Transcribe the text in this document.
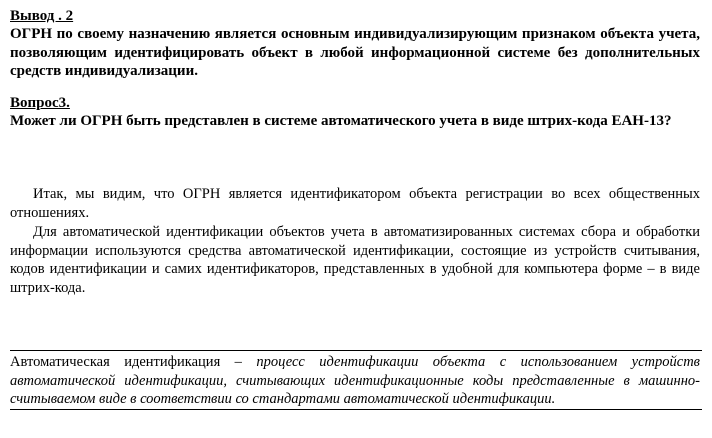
Вывод . 2

ОГРН по своему назначению является основным индивидуализирующим признаком объекта учета, позволяющим идентифицировать объект в любой информационной системе без дополнительных средств индивидуализации.

Вопрос3.

Может ли ОГРН быть представлен в системе автоматического учета в виде штрих-кода ЕАН-13?

Итак, мы видим, что ОГРН является идентификатором объекта регистрации во всех общественных отношениях.

Для автоматической идентификации объектов учета в автоматизированных системах сбора и обработки информации используются средства автоматической идентификации, состоящие из устройств считывания, кодов идентификации и самих идентификаторов, представленных в удобной для компьютера форме – в виде штрих-кода.

Автоматическая идентификация – процесс идентификации объекта с использованием устройств автоматической идентификации, считывающих идентификационные коды представленные в машинно-считываемом виде в соответствии со стандартами автоматической идентификации.
